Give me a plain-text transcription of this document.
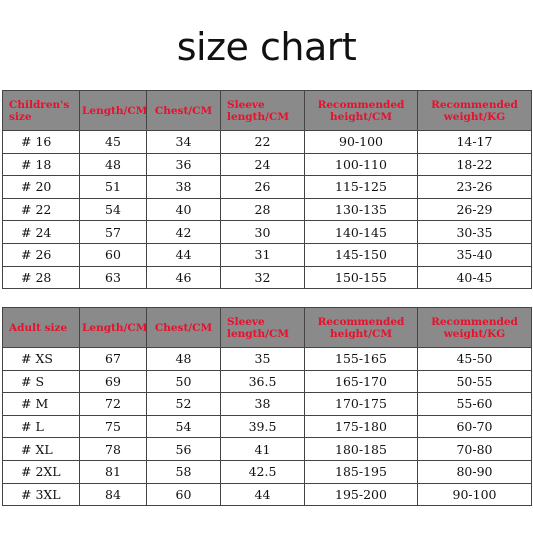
size chart
Children's size	Length/CM	Chest/CM	Sleeve length/CM	Recommended height/CM	Recommended weight/KG
# 16	45	34	22	90-100	14-17
# 18	48	36	24	100-110	18-22
# 20	51	38	26	115-125	23-26
# 22	54	40	28	130-135	26-29
# 24	57	42	30	140-145	30-35
# 26	60	44	31	145-150	35-40
# 28	63	46	32	150-155	40-45
Adult size	Length/CM	Chest/CM	Sleeve length/CM	Recommended height/CM	Recommended weight/KG
# XS	67	48	35	155-165	45-50
# S	69	50	36.5	165-170	50-55
# M	72	52	38	170-175	55-60
# L	75	54	39.5	175-180	60-70
# XL	78	56	41	180-185	70-80
# 2XL	81	58	42.5	185-195	80-90
# 3XL	84	60	44	195-200	90-100
